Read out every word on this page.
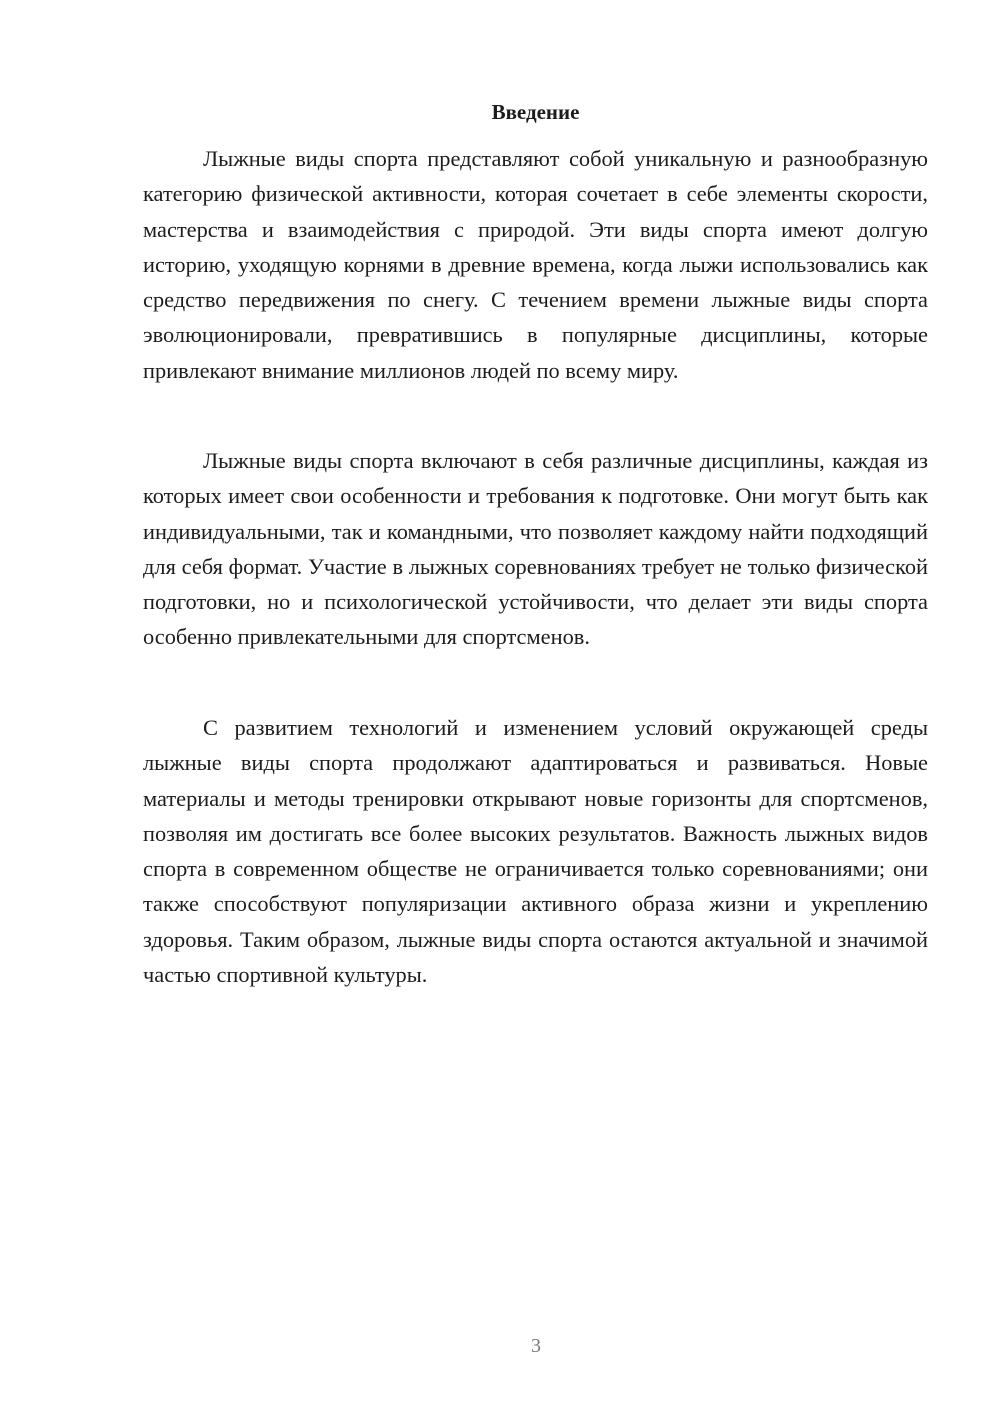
Введение

Лыжные виды спорта представляют собой уникальную и разнообразную категорию физической активности, которая сочетает в себе элементы скорости, мастерства и взаимодействия с природой. Эти виды спорта имеют долгую историю, уходящую корнями в древние времена, когда лыжи использовались как средство передвижения по снегу. С течением времени лыжные виды спорта эволюционировали, превратившись в популярные дисциплины, которые привлекают внимание миллионов людей по всему миру.

Лыжные виды спорта включают в себя различные дисциплины, каждая из которых имеет свои особенности и требования к подготовке. Они могут быть как индивидуальными, так и командными, что позволяет каждому найти подходящий для себя формат. Участие в лыжных соревнованиях требует не только физической подготовки, но и психологической устойчивости, что делает эти виды спорта особенно привлекательными для спортсменов.

С развитием технологий и изменением условий окружающей среды лыжные виды спорта продолжают адаптироваться и развиваться. Новые материалы и методы тренировки открывают новые горизонты для спортсменов, позволяя им достигать все более высоких результатов. Важность лыжных видов спорта в современном обществе не ограничивается только соревнованиями; они также способствуют популяризации активного образа жизни и укреплению здоровья. Таким образом, лыжные виды спорта остаются актуальной и значимой частью спортивной культуры.

3
